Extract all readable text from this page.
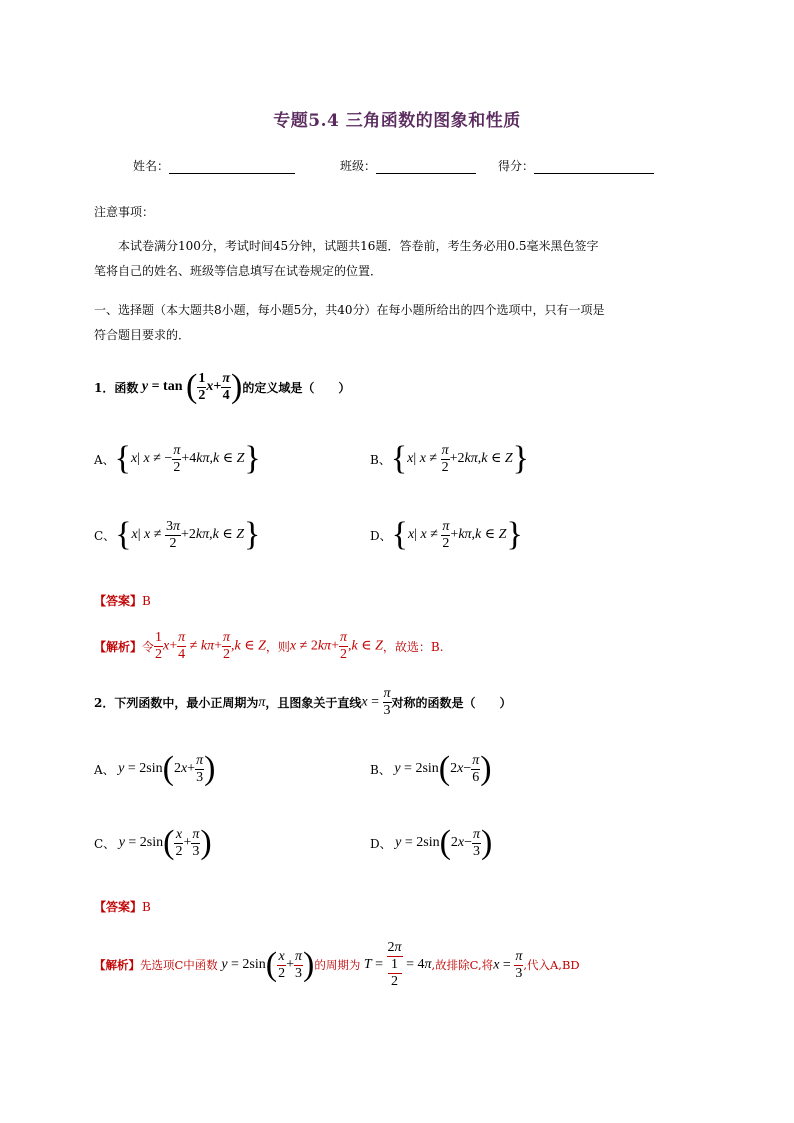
专题5.4 三角函数的图象和性质
姓名：	班级：	得分：
注意事项：
本试卷满分100分，考试时间45分钟，试题共16题．答卷前，考生务必用0.5毫米黑色签字
笔将自己的姓名、班级等信息填写在试卷规定的位置．
一、选择题（本大题共8小题，每小题5分，共40分）在每小题所给出的四个选项中，只有一项是
符合题目要求的．
1．函数 y = tan ( $\frac{1}{2} x+ \frac{\pi}{4}$ ) 的定义域是（　　）
A、 {x| x ≠ − $\frac{\pi}{2} +4k\pi,k$ ∈ Z}	B、 {x| $x \ne \frac{\pi}{2} +2k\pi,k$ ∈ Z}
C、 {x| $x \ne \frac{3\pi}{2} +2k\pi,k$ ∈ Z}	D、 {x| $x \ne \frac{\pi}{2} +k\pi,k$ ∈ Z}
【答案】B
【解析】 令 $\frac{1}{2} x+ \frac{\pi}{4} \ne k\pi+ \frac{\pi}{2} ,k$ ∈ Z ，则 $x \ne 2k\pi+ \frac{\pi}{2} ,k$ ∈ Z ，故选：B.
2．下列函数中，最小正周期为 π ，且图象关于直线 $x = \frac{\pi}{3}$ 对称的函数是（　　）
A、 $y = 2\sin(2x+ \frac{\pi}{3}$ )	B、 $y = 2\sin(2x- \frac{\pi}{6}$ )
C、 $y = 2\sin( \frac{x}{2} + \frac{\pi}{3}$ )	D、 $y = 2\sin(2x- \frac{\pi}{3}$ )
【答案】B
【解析】 先选项C中函数 $y = 2\sin( \frac{x}{2} + \frac{\pi}{3}$ ) 的周期为 T = 2π
1
2 = 4π ,故排除C,将 $x = \frac{\pi}{3}$ ,代入A,BD
